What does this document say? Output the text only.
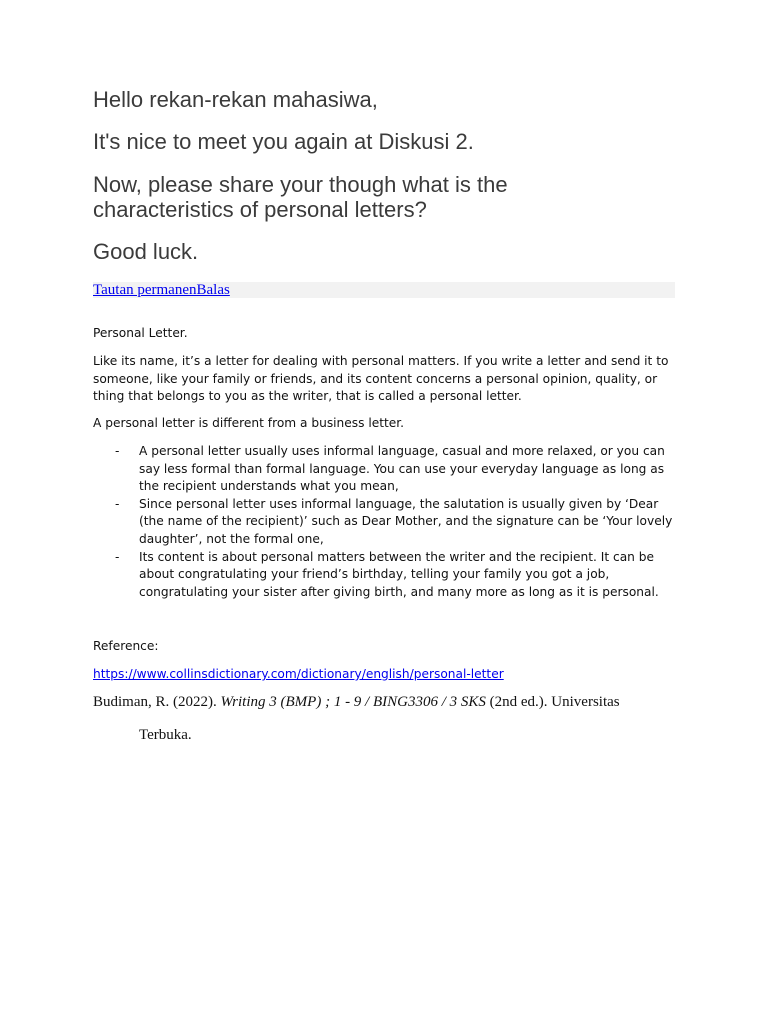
Hello rekan-rekan mahasiwa,

It's nice to meet you again at Diskusi 2.

Now, please share your though what is the characteristics of personal letters?

Good luck.

Tautan permanenBalas

Personal Letter.

Like its name, it’s a letter for dealing with personal matters. If you write a letter and send it to someone, like your family or friends, and its content concerns a personal opinion, quality, or thing that belongs to you as the writer, that is called a personal letter.

A personal letter is different from a business letter.

- A personal letter usually uses informal language, casual and more relaxed, or you can say less formal than formal language. You can use your everyday language as long as the recipient understands what you mean,
- Since personal letter uses informal language, the salutation is usually given by ‘Dear (the name of the recipient)’ such as Dear Mother, and the signature can be ‘Your lovely daughter’, not the formal one,
- Its content is about personal matters between the writer and the recipient. It can be about congratulating your friend’s birthday, telling your family you got a job, congratulating your sister after giving birth, and many more as long as it is personal.

Reference:

https://www.collinsdictionary.com/dictionary/english/personal-letter

Budiman, R. (2022). Writing 3 (BMP) ; 1 - 9 / BING3306 / 3 SKS (2nd ed.). Universitas

Terbuka.
